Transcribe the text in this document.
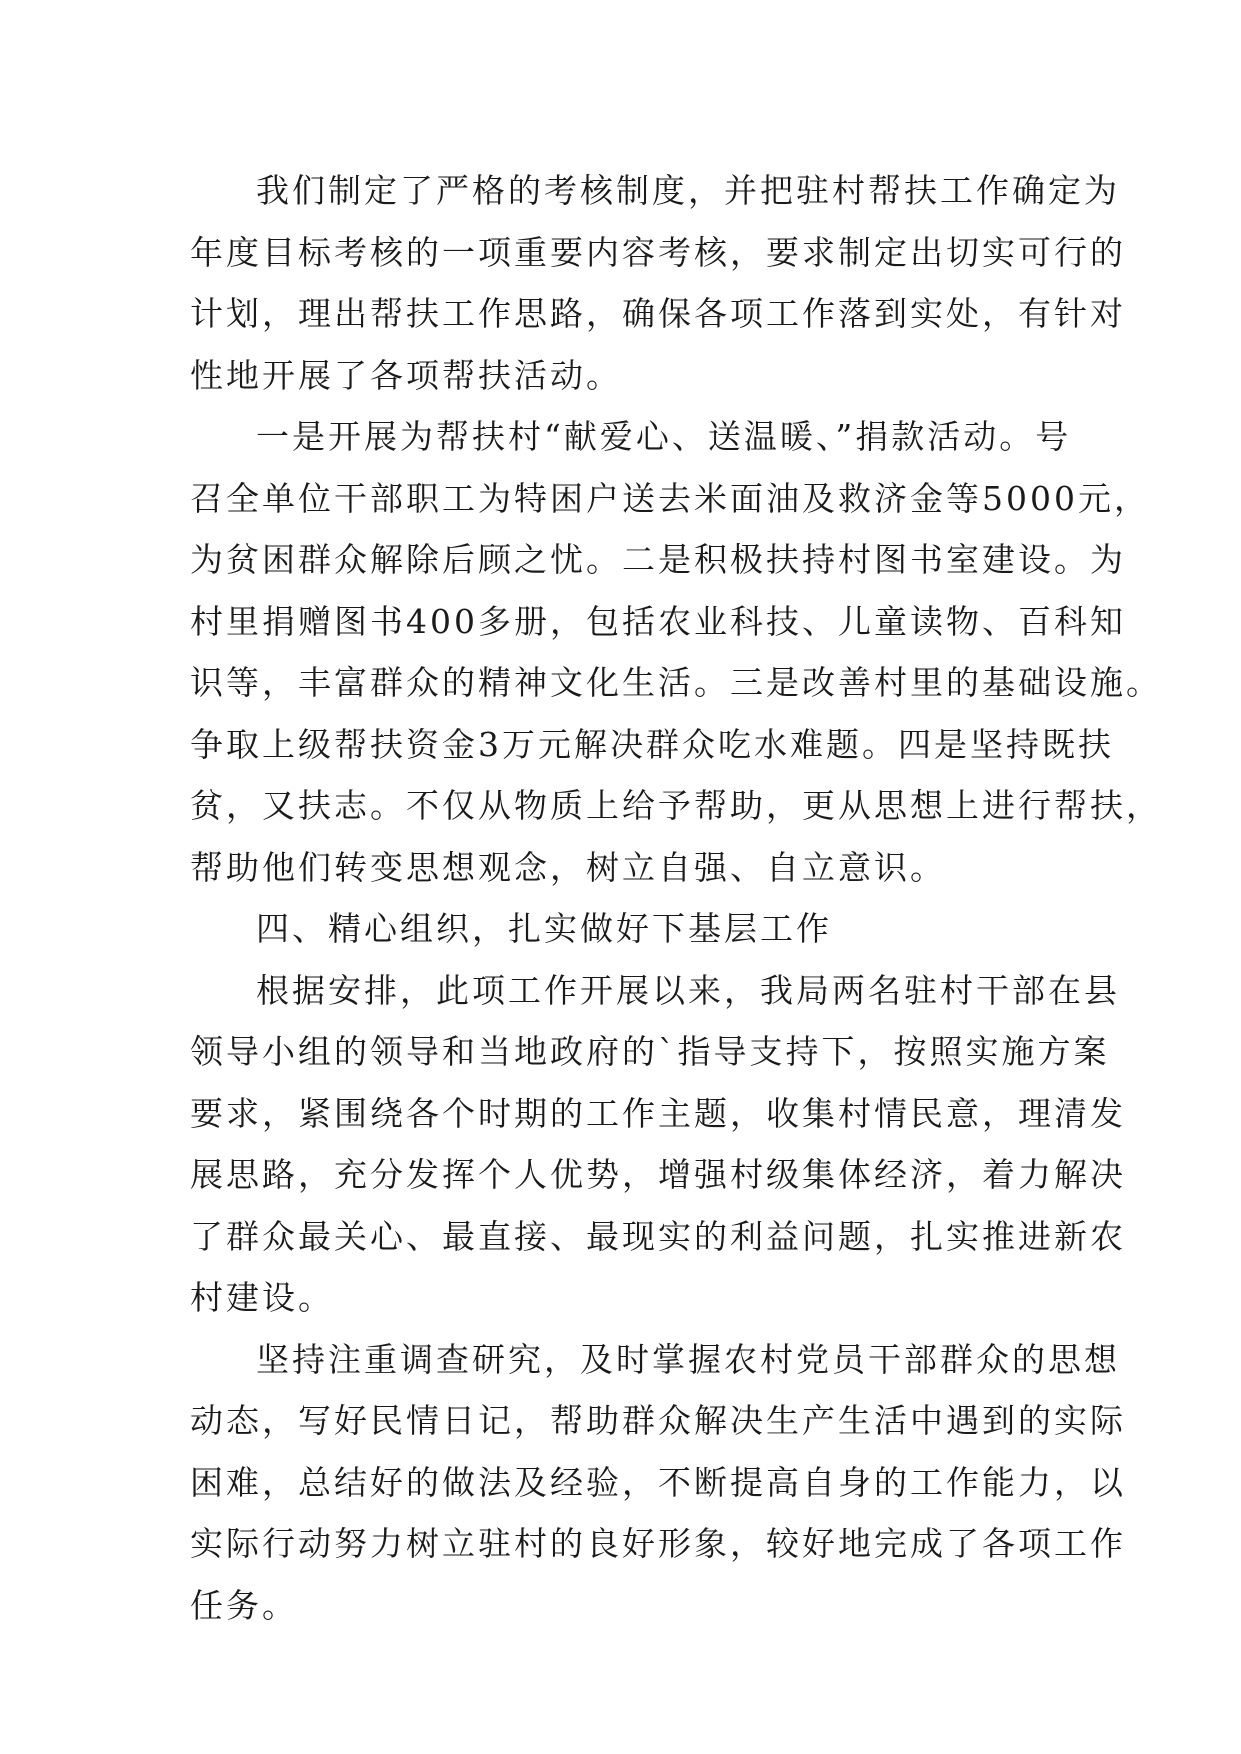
我们制定了严格的考核制度，并把驻村帮扶工作确定为
年度目标考核的一项重要内容考核，要求制定出切实可行的
计划，理出帮扶工作思路，确保各项工作落到实处，有针对
性地开展了各项帮扶活动。
一是开展为帮扶村“献爱心、送温暖、”捐款活动。号
召全单位干部职工为特困户送去米面油及救济金等5000元，
为贫困群众解除后顾之忧。二是积极扶持村图书室建设。为
村里捐赠图书400多册，包括农业科技、儿童读物、百科知
识等，丰富群众的精神文化生活。三是改善村里的基础设施。
争取上级帮扶资金3万元解决群众吃水难题。四是坚持既扶
贫，又扶志。不仅从物质上给予帮助，更从思想上进行帮扶，
帮助他们转变思想观念，树立自强、自立意识。
四、精心组织，扎实做好下基层工作
根据安排，此项工作开展以来，我局两名驻村干部在县
领导小组的领导和当地政府的`指导支持下，按照实施方案
要求，紧围绕各个时期的工作主题，收集村情民意，理清发
展思路，充分发挥个人优势，增强村级集体经济，着力解决
了群众最关心、最直接、最现实的利益问题，扎实推进新农
村建设。
坚持注重调查研究，及时掌握农村党员干部群众的思想
动态，写好民情日记，帮助群众解决生产生活中遇到的实际
困难，总结好的做法及经验，不断提高自身的工作能力，以
实际行动努力树立驻村的良好形象，较好地完成了各项工作
任务。
